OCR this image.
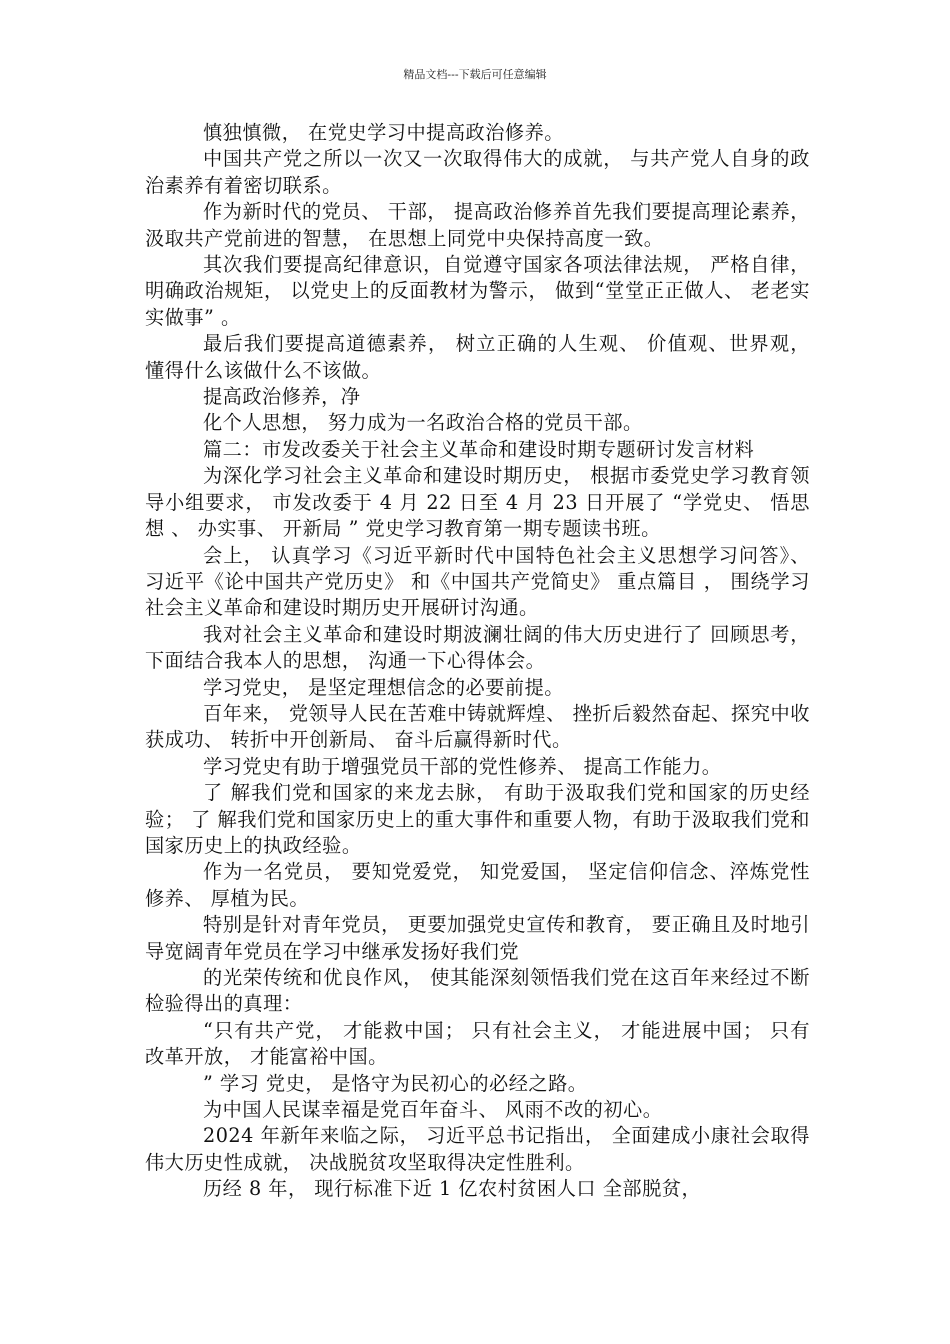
精品文档---下载后可任意编辑

慎独慎微， 在党史学习中提高政治修养。

中国共产党之所以一次又一次取得伟大的成就， 与共产党人自身的政治素养有着密切联系。

作为新时代的党员、 干部， 提高政治修养首先我们要提高理论素养， 汲取共产党前进的智慧， 在思想上同党中央保持高度一致。

其次我们要提高纪律意识，自觉遵守国家各项法律法规， 严格自律， 明确政治规矩， 以党史上的反面教材为警示， 做到“堂堂正正做人、 老老实实做事” 。

最后我们要提高道德素养， 树立正确的人生观、 价值观、世界观， 懂得什么该做什么不该做。

提高政治修养，净

化个人思想， 努力成为一名政治合格的党员干部。

篇二：市发改委关于社会主义革命和建设时期专题研讨发言材料

为深化学习社会主义革命和建设时期历史， 根据市委党史学习教育领导小组要求， 市发改委于 4 月 22 日至 4 月 23 日开展了 “学党史、 悟思想 、 办实事、 开新局 ” 党史学习教育第一期专题读书班。

会上， 认真学习《习近平新时代中国特色社会主义思想学习问答》、 习近平《论中国共产党历史》 和《中国共产党简史》 重点篇目 ， 围绕学习社会主义革命和建设时期历史开展研讨沟通。

我对社会主义革命和建设时期波澜壮阔的伟大历史进行了 回顾思考， 下面结合我本人的思想， 沟通一下心得体会。

学习党史， 是坚定理想信念的必要前提。

百年来， 党领导人民在苦难中铸就辉煌、 挫折后毅然奋起、探究中收获成功、 转折中开创新局、 奋斗后赢得新时代。

学习党史有助于增强党员干部的党性修养、 提高工作能力。

了 解我们党和国家的来龙去脉， 有助于汲取我们党和国家的历史经验； 了 解我们党和国家历史上的重大事件和重要人物，有助于汲取我们党和国家历史上的执政经验。

作为一名党员， 要知党爱党， 知党爱国， 坚定信仰信念、淬炼党性修养、 厚植为民。

特别是针对青年党员， 更要加强党史宣传和教育， 要正确且及时地引导宽阔青年党员在学习中继承发扬好我们党

的光荣传统和优良作风， 使其能深刻领悟我们党在这百年来经过不断检验得出的真理：

“只有共产党， 才能救中国； 只有社会主义， 才能进展中国； 只有改革开放， 才能富裕中国。

” 学习 党史， 是恪守为民初心的必经之路。

为中国人民谋幸福是党百年奋斗、 风雨不改的初心。

2024 年新年来临之际， 习近平总书记指出， 全面建成小康社会取得伟大历史性成就， 决战脱贫攻坚取得决定性胜利。

历经 8 年， 现行标准下近 1 亿农村贫困人口 全部脱贫，
